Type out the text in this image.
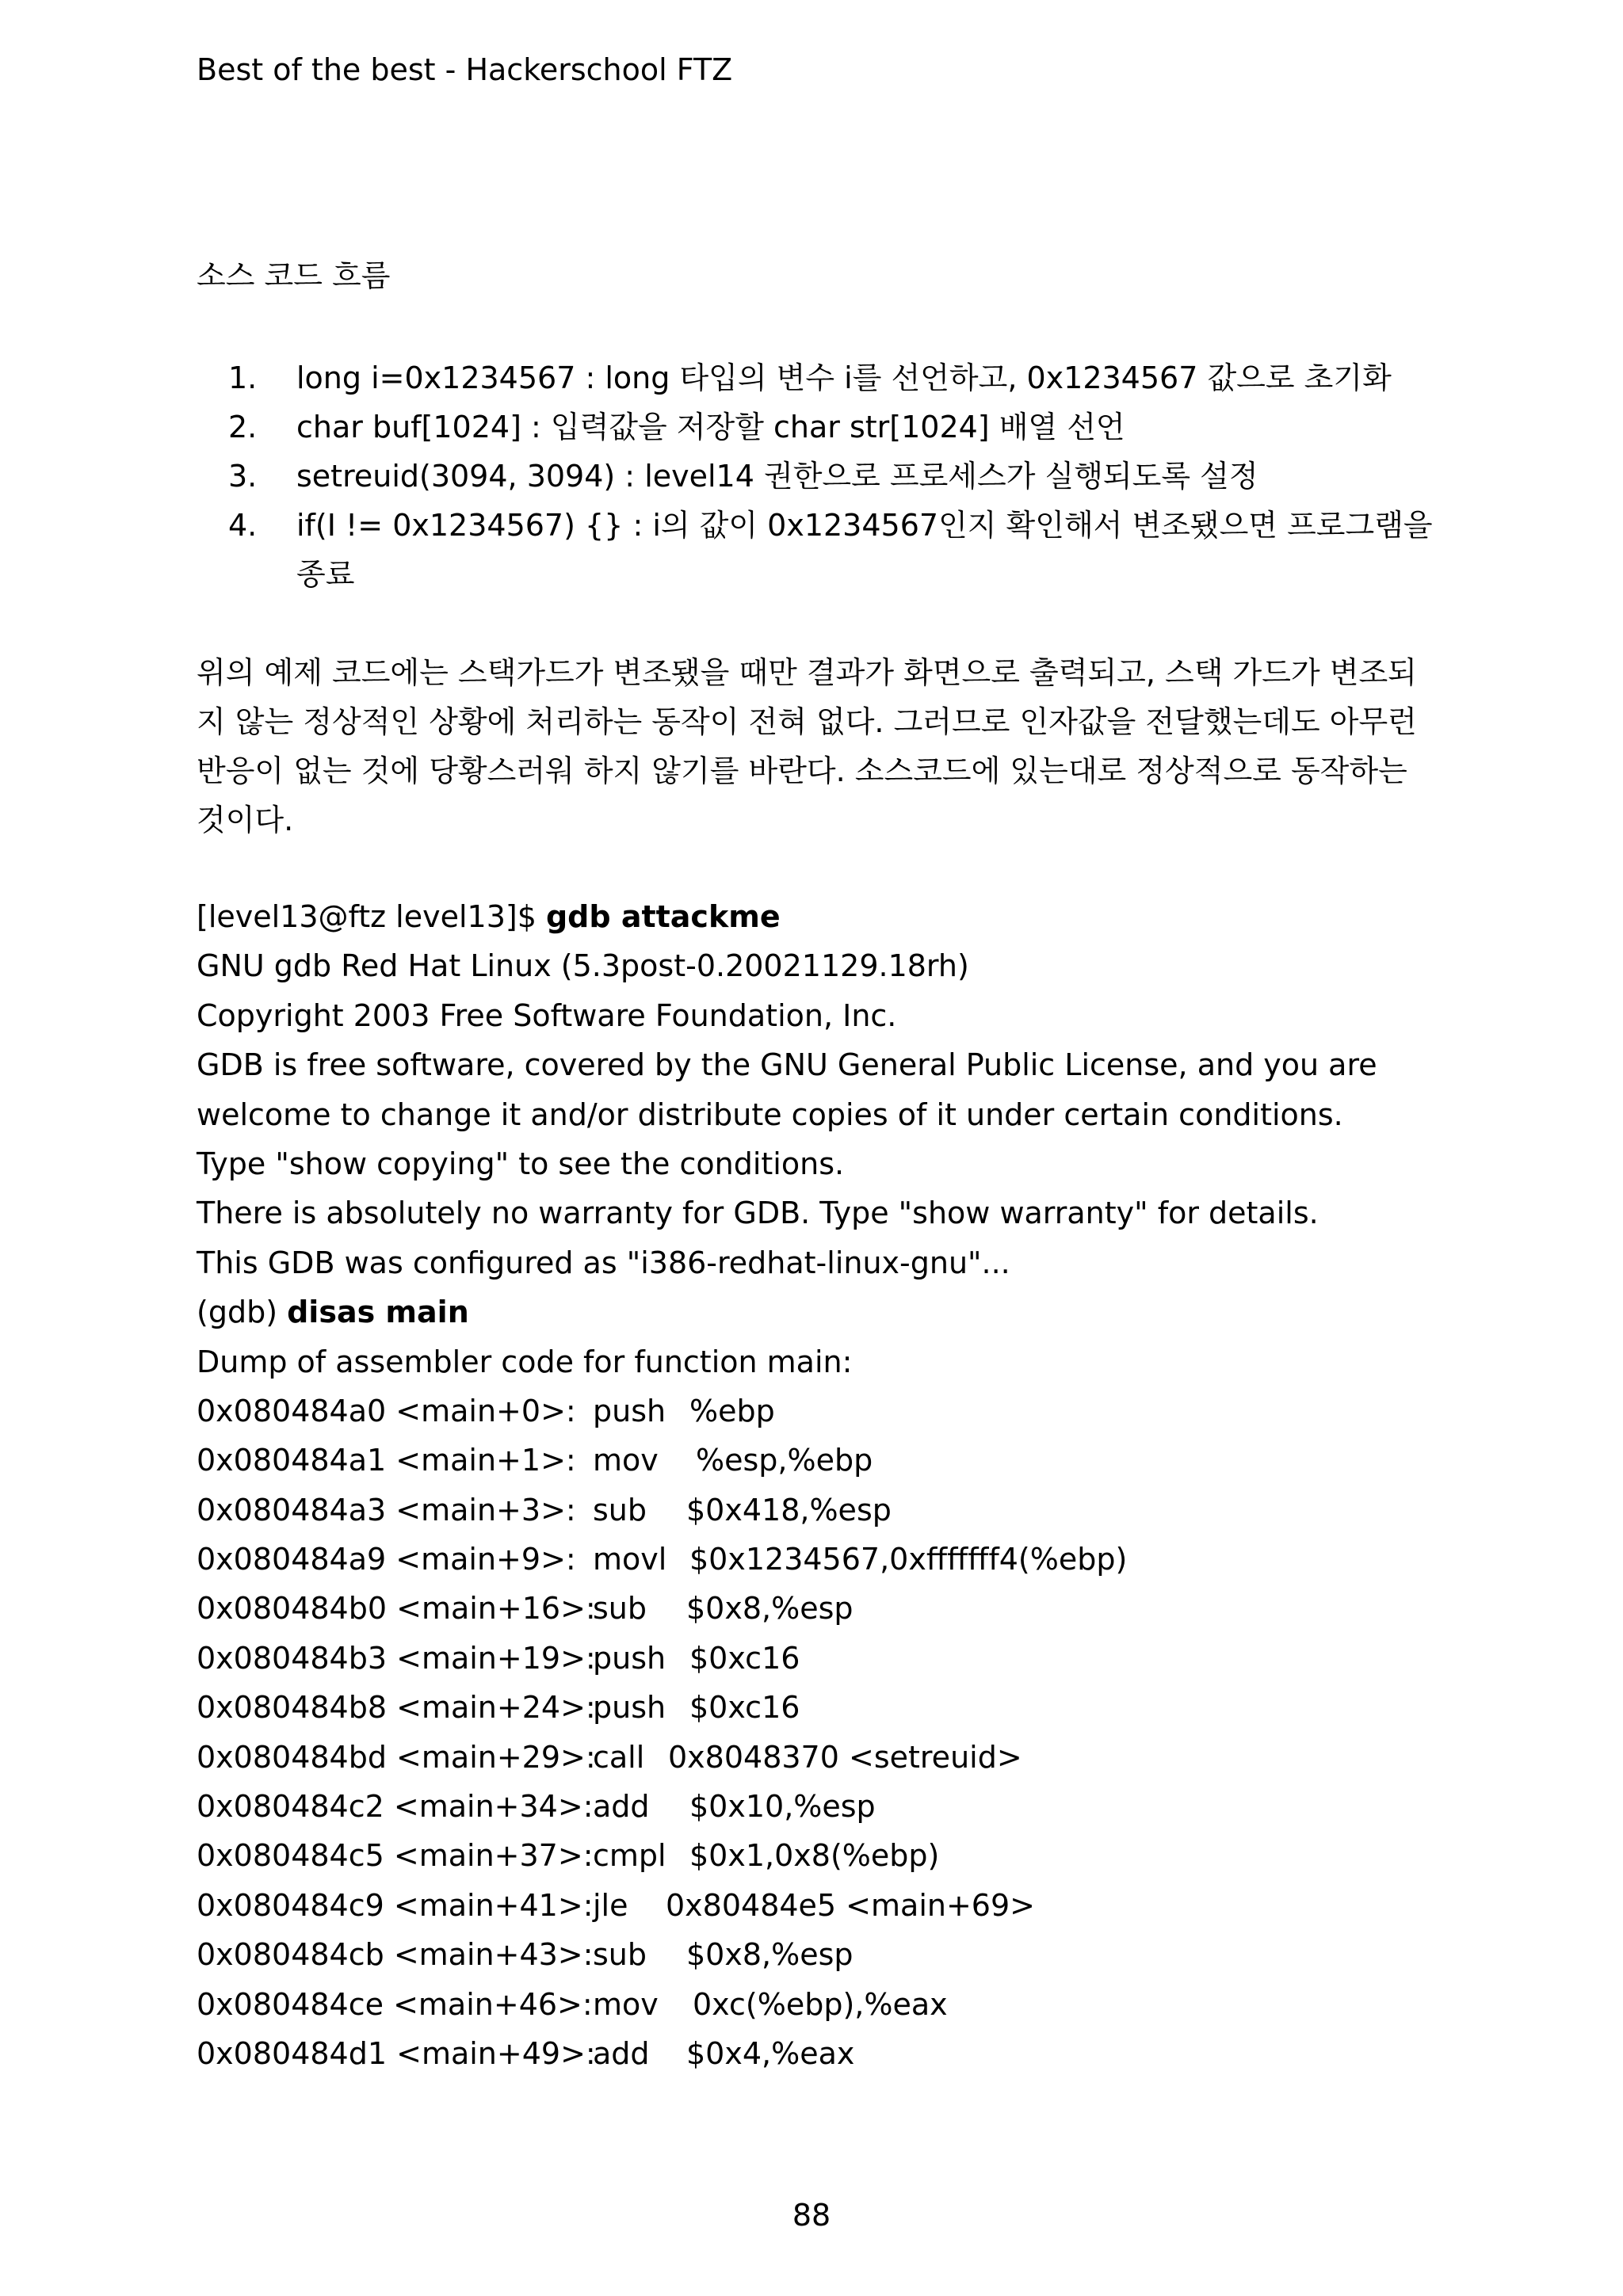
Best of the best - Hackerschool FTZ
소스 코드 흐름
1. long i=0x1234567 : long 타입의 변수 i를 선언하고, 0x1234567 값으로 초기화
2. char buf[1024] : 입력값을 저장할 char str[1024] 배열 선언
3. setreuid(3094, 3094) : level14 권한으로 프로세스가 실행되도록 설정
4. if(I != 0x1234567) {} : i의 값이 0x1234567인지 확인해서 변조됐으면 프로그램을 종료

위의 예제 코드에는 스택가드가 변조됐을 때만 결과가 화면으로 출력되고, 스택 가드가 변조되지 않는 정상적인 상황에 처리하는 동작이 전혀 없다. 그러므로 인자값을 전달했는데도 아무런 반응이 없는 것에 당황스러워 하지 않기를 바란다. 소스코드에 있는대로 정상적으로 동작하는 것이다.

[level13@ftz level13]$ gdb attackme
GNU gdb Red Hat Linux (5.3post-0.20021129.18rh)
Copyright 2003 Free Software Foundation, Inc.
GDB is free software, covered by the GNU General Public License, and you are
welcome to change it and/or distribute copies of it under certain conditions.
Type "show copying" to see the conditions.
There is absolutely no warranty for GDB. Type "show warranty" for details.
This GDB was configured as "i386-redhat-linux-gnu"...
(gdb) disas main
Dump of assembler code for function main:
0x080484a0 <main+0>: push %ebp
0x080484a1 <main+1>: mov %esp,%ebp
0x080484a3 <main+3>: sub $0x418,%esp
0x080484a9 <main+9>: movl $0x1234567,0xfffffff4(%ebp)
0x080484b0 <main+16>:
sub $0x8,%esp
0x080484b3 <main+19>:
push $0xc16
0x080484b8 <main+24>:
push $0xc16
0x080484bd <main+29>:
call 0x8048370 <setreuid>
0x080484c2 <main+34>: add $0x10,%esp
0x080484c5 <main+37>: cmpl $0x1,0x8(%ebp)
0x080484c9 <main+41>: jle 0x80484e5 <main+69>
0x080484cb <main+43>: sub $0x8,%esp
0x080484ce <main+46>: mov 0xc(%ebp),%eax
0x080484d1 <main+49>:
add $0x4,%eax
88
